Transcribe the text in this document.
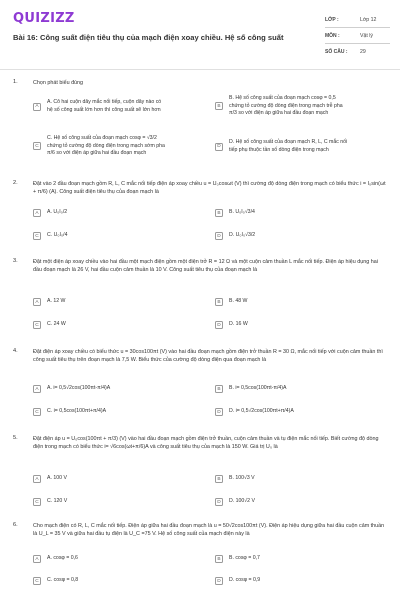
QUIZIZZ
Bài 16: Công suất điện tiêu thụ của mạch điện xoay chiều. Hệ số công suất
LỚP :	Lớp 12
MÔN :	Vật lý
SỐ CÂU :	29
1.	Chọn phát biểu đúng
A
A. Cô hai cuộn dây mắc nối tiếp, cuộn dây nào có
hệ số công suất lớn hơn thì công suất sẽ lớn hơn
B
B. Hệ số công suất của đoạn mạch cosφ = 0,5
chứng tỏ cường độ dòng điện trong mạch trễ pha
π/3 so với điện áp giữa hai đầu đoạn mạch
C
C. Hệ số công suất của đoạn mạch cosφ = √3/2
chứng tỏ cường độ dòng điện trong mạch sớm pha
π/6 so với điện áp giữa hai đầu đoạn mạch
D
D. Hệ số công suất của đoạn mạch R, L, C mắc nối
tiếp phụ thuộc tần số dòng điện trong mạch
2.	Đặt vào 2 đầu đoạn mạch gồm R, L, C mắc nối tiếp điện áp xoay chiều u = U₀cosωt (V) thì cường độ dòng điện trong mạch có biểu thức i = I₀sin(ωt + π/6) (A). Công suất điện tiêu thụ của đoạn mạch là
A	A. U₀I₀/2	B	B. U₀I₀√3/4
C	C. U₀I₀/4	D	D. U₀I₀√3/2
3.	Đặt một điện áp xoay chiều vào hai đầu một mạch điện gồm một điện trở R = 12 Ω và một cuộn cảm thuần L mắc nối tiếp. Điện áp hiệu dụng hai đầu đoạn mạch là 26 V, hai đầu cuộn cảm thuần là 10 V. Công suất tiêu thụ của đoạn mạch là
A	A. 12 W	B	B. 48 W
C	C. 24 W	D	D. 16 W
4.	Đặt điện áp xoay chiều có biểu thức u = 30cos100πt (V) vào hai đầu đoạn mạch gồm điện trở thuần R = 30 Ω, mắc nối tiếp với cuộn cảm thuần thì công suất tiêu thụ trên đoạn mạch là 7,5 W. Biểu thức của cường độ dòng điện qua đoạn mạch là
A	A. i= 0,5√2cos(100πt-π/4)A	B	B. i= 0,5cos(100πt-π/4)A
C	C. i= 0,5cos(100πt+π/4)A	D	D. i= 0,5√2cos(100πt+π/4)A
5.	Đặt điện áp u = U₀cos(100πt + π/3) (V) vào hai đầu đoạn mạch gồm điện trở thuần, cuộn cảm thuần và tụ điện mắc nối tiếp. Biết cường độ dòng điện trong mạch có biểu thức i= √6cos(ωt+π/6)A và công suất tiêu thụ của mạch là 150 W. Giá trị U₀ là
A	A. 100 V	B	B. 100√3 V
C	C. 120 V	D	D. 100√2 V
6.	Cho mạch điện có R, L, C mắc nối tiếp. Điện áp giữa hai đầu đoạn mạch là u = 50√2cos100πt (V). Điện áp hiệu dụng giữa hai đầu cuộn cảm thuần là U_L = 35 V và giữa hai đầu tụ điện là U_C =75 V. Hệ số công suất của mạch điện này là
A	A. cosφ = 0,6	B	B. cosφ = 0,7
C	C. cosφ = 0,8	D	D. cosφ = 0,9
